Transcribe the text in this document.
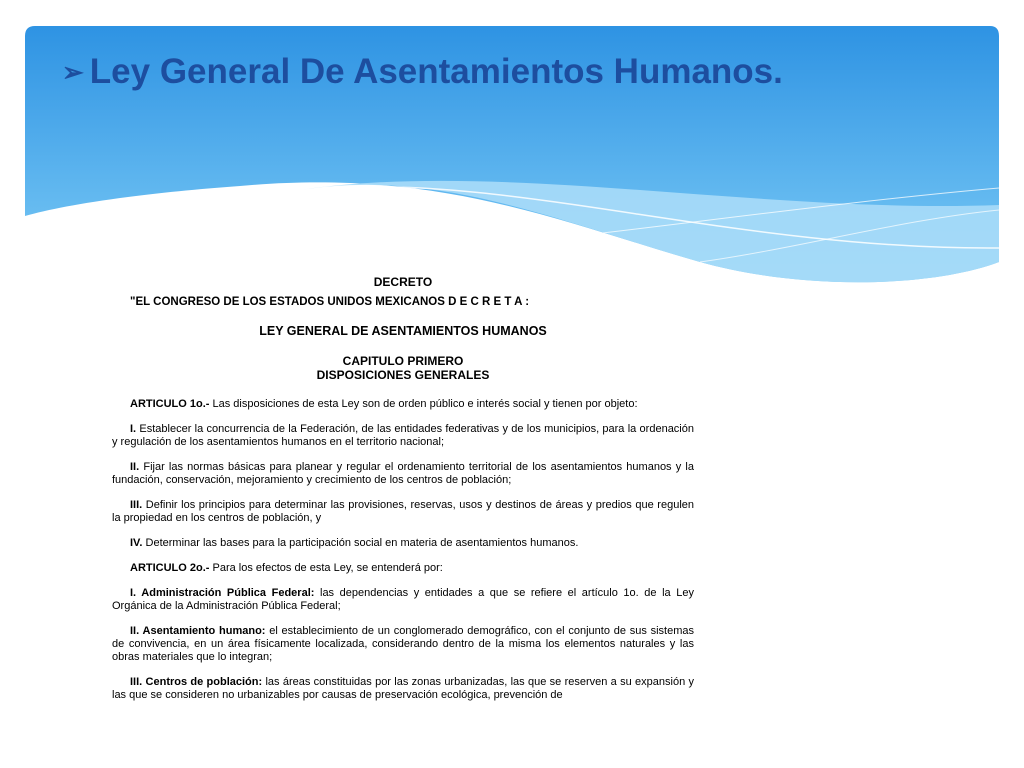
➢ Ley General De Asentamientos Humanos.
DECRETO
"EL CONGRESO DE LOS ESTADOS UNIDOS MEXICANOS D E C R E T A :
LEY GENERAL DE ASENTAMIENTOS HUMANOS
CAPITULO PRIMERO
DISPOSICIONES GENERALES

ARTICULO 1o.- Las disposiciones de esta Ley son de orden público e interés social y tienen por objeto:

I. Establecer la concurrencia de la Federación, de las entidades federativas y de los municipios, para la ordenación y regulación de los asentamientos humanos en el territorio nacional;

II. Fijar las normas básicas para planear y regular el ordenamiento territorial de los asentamientos humanos y la fundación, conservación, mejoramiento y crecimiento de los centros de población;

III. Definir los principios para determinar las provisiones, reservas, usos y destinos de áreas y predios que regulen la propiedad en los centros de población, y

IV. Determinar las bases para la participación social en materia de asentamientos humanos.

ARTICULO 2o.- Para los efectos de esta Ley, se entenderá por:

I. Administración Pública Federal: las dependencias y entidades a que se refiere el artículo 1o. de la Ley Orgánica de la Administración Pública Federal;

II. Asentamiento humano: el establecimiento de un conglomerado demográfico, con el conjunto de sus sistemas de convivencia, en un área físicamente localizada, considerando dentro de la misma los elementos naturales y las obras materiales que lo integran;

III. Centros de población: las áreas constituidas por las zonas urbanizadas, las que se reserven a su expansión y las que se consideren no urbanizables por causas de preservación ecológica, prevención de
